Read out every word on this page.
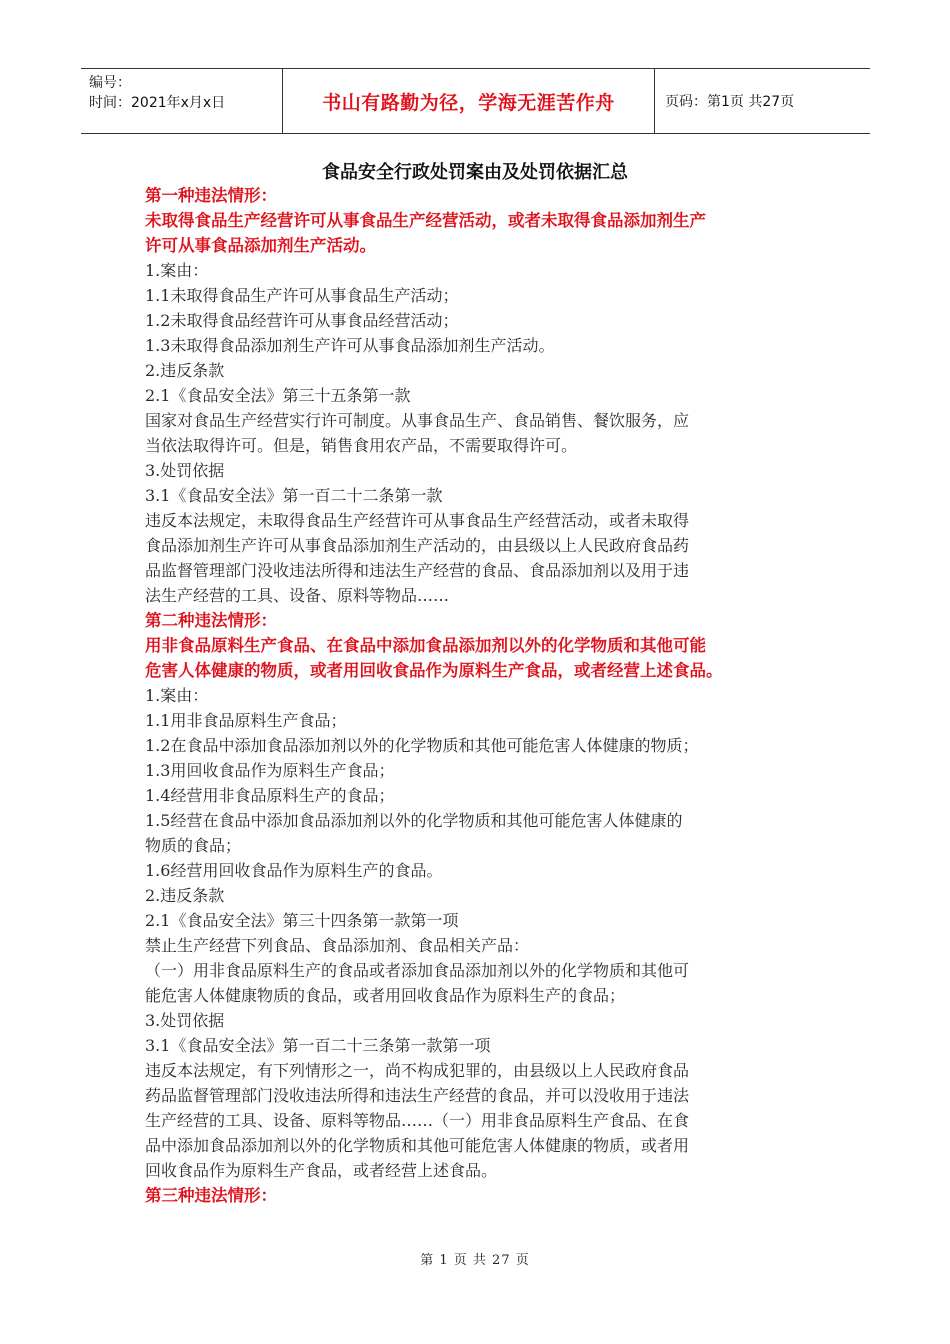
编号：
时间：2021年x月x日	书山有路勤为径，学海无涯苦作舟	页码：第1页 共27页
食品安全行政处罚案由及处罚依据汇总
第一种违法情形：
未取得食品生产经营许可从事食品生产经营活动，或者未取得食品添加剂生产
许可从事食品添加剂生产活动。
1.案由：
1.1未取得食品生产许可从事食品生产活动；
1.2未取得食品经营许可从事食品经营活动；
1.3未取得食品添加剂生产许可从事食品添加剂生产活动。
2.违反条款
2.1《食品安全法》第三十五条第一款
国家对食品生产经营实行许可制度。从事食品生产、食品销售、餐饮服务，应
当依法取得许可。但是，销售食用农产品，不需要取得许可。
3.处罚依据
3.1《食品安全法》第一百二十二条第一款
违反本法规定，未取得食品生产经营许可从事食品生产经营活动，或者未取得
食品添加剂生产许可从事食品添加剂生产活动的，由县级以上人民政府食品药
品监督管理部门没收违法所得和违法生产经营的食品、食品添加剂以及用于违
法生产经营的工具、设备、原料等物品……
第二种违法情形：
用非食品原料生产食品、在食品中添加食品添加剂以外的化学物质和其他可能
危害人体健康的物质，或者用回收食品作为原料生产食品，或者经营上述食品。
1.案由：
1.1用非食品原料生产食品；
1.2在食品中添加食品添加剂以外的化学物质和其他可能危害人体健康的物质；
1.3用回收食品作为原料生产食品；
1.4经营用非食品原料生产的食品；
1.5经营在食品中添加食品添加剂以外的化学物质和其他可能危害人体健康的
物质的食品；
1.6经营用回收食品作为原料生产的食品。
2.违反条款
2.1《食品安全法》第三十四条第一款第一项
禁止生产经营下列食品、食品添加剂、食品相关产品：
（一）用非食品原料生产的食品或者添加食品添加剂以外的化学物质和其他可
能危害人体健康物质的食品，或者用回收食品作为原料生产的食品；
3.处罚依据
3.1《食品安全法》第一百二十三条第一款第一项
违反本法规定，有下列情形之一，尚不构成犯罪的，由县级以上人民政府食品
药品监督管理部门没收违法所得和违法生产经营的食品，并可以没收用于违法
生产经营的工具、设备、原料等物品……（一）用非食品原料生产食品、在食
品中添加食品添加剂以外的化学物质和其他可能危害人体健康的物质，或者用
回收食品作为原料生产食品，或者经营上述食品。
第三种违法情形：
第 1 页 共 27 页
